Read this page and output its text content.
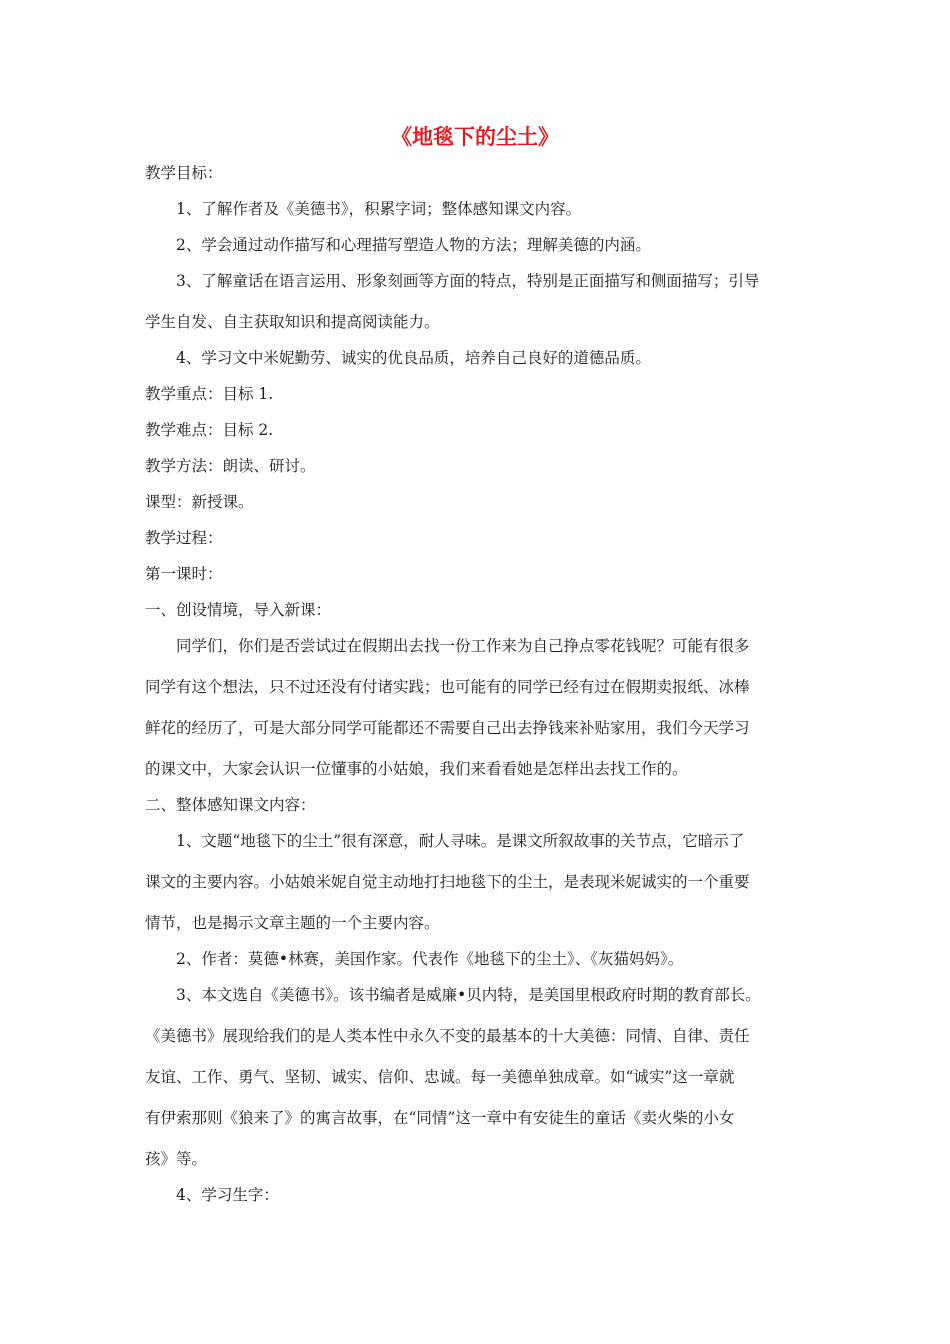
《地毯下的尘土》

教学目标：

1、了解作者及《美德书》，积累字词；整体感知课文内容。

2、学会通过动作描写和心理描写塑造人物的方法；理解美德的内涵。

3、了解童话在语言运用、形象刻画等方面的特点，特别是正面描写和侧面描写；引导

学生自发、自主获取知识和提高阅读能力。

4、学习文中米妮勤劳、诚实的优良品质，培养自己良好的道德品质。

教学重点：目标 1.

教学难点：目标 2.

教学方法：朗读、研讨。

课型：新授课。

教学过程：

第一课时：

一、创设情境，导入新课：

同学们，你们是否尝试过在假期出去找一份工作来为自己挣点零花钱呢？可能有很多

同学有这个想法，只不过还没有付诸实践；也可能有的同学已经有过在假期卖报纸、冰棒

鲜花的经历了，可是大部分同学可能都还不需要自己出去挣钱来补贴家用，我们今天学习

的课文中，大家会认识一位懂事的小姑娘，我们来看看她是怎样出去找工作的。

二、整体感知课文内容：

1、文题“地毯下的尘土”很有深意，耐人寻味。是课文所叙故事的关节点，它暗示了

课文的主要内容。小姑娘米妮自觉主动地打扫地毯下的尘土，是表现米妮诚实的一个重要

情节，也是揭示文章主题的一个主要内容。

2、作者：莫德•林赛，美国作家。代表作《地毯下的尘土》、《灰猫妈妈》。

3、本文选自《美德书》。该书编者是威廉•贝内特，是美国里根政府时期的教育部长。

《美德书》展现给我们的是人类本性中永久不变的最基本的十大美德：同情、自律、责任

友谊、工作、勇气、坚韧、诚实、信仰、忠诚。每一美德单独成章。如“诚实”这一章就

有伊索那则《狼来了》的寓言故事，在“同情”这一章中有安徒生的童话《卖火柴的小女

孩》等。

4、学习生字：
